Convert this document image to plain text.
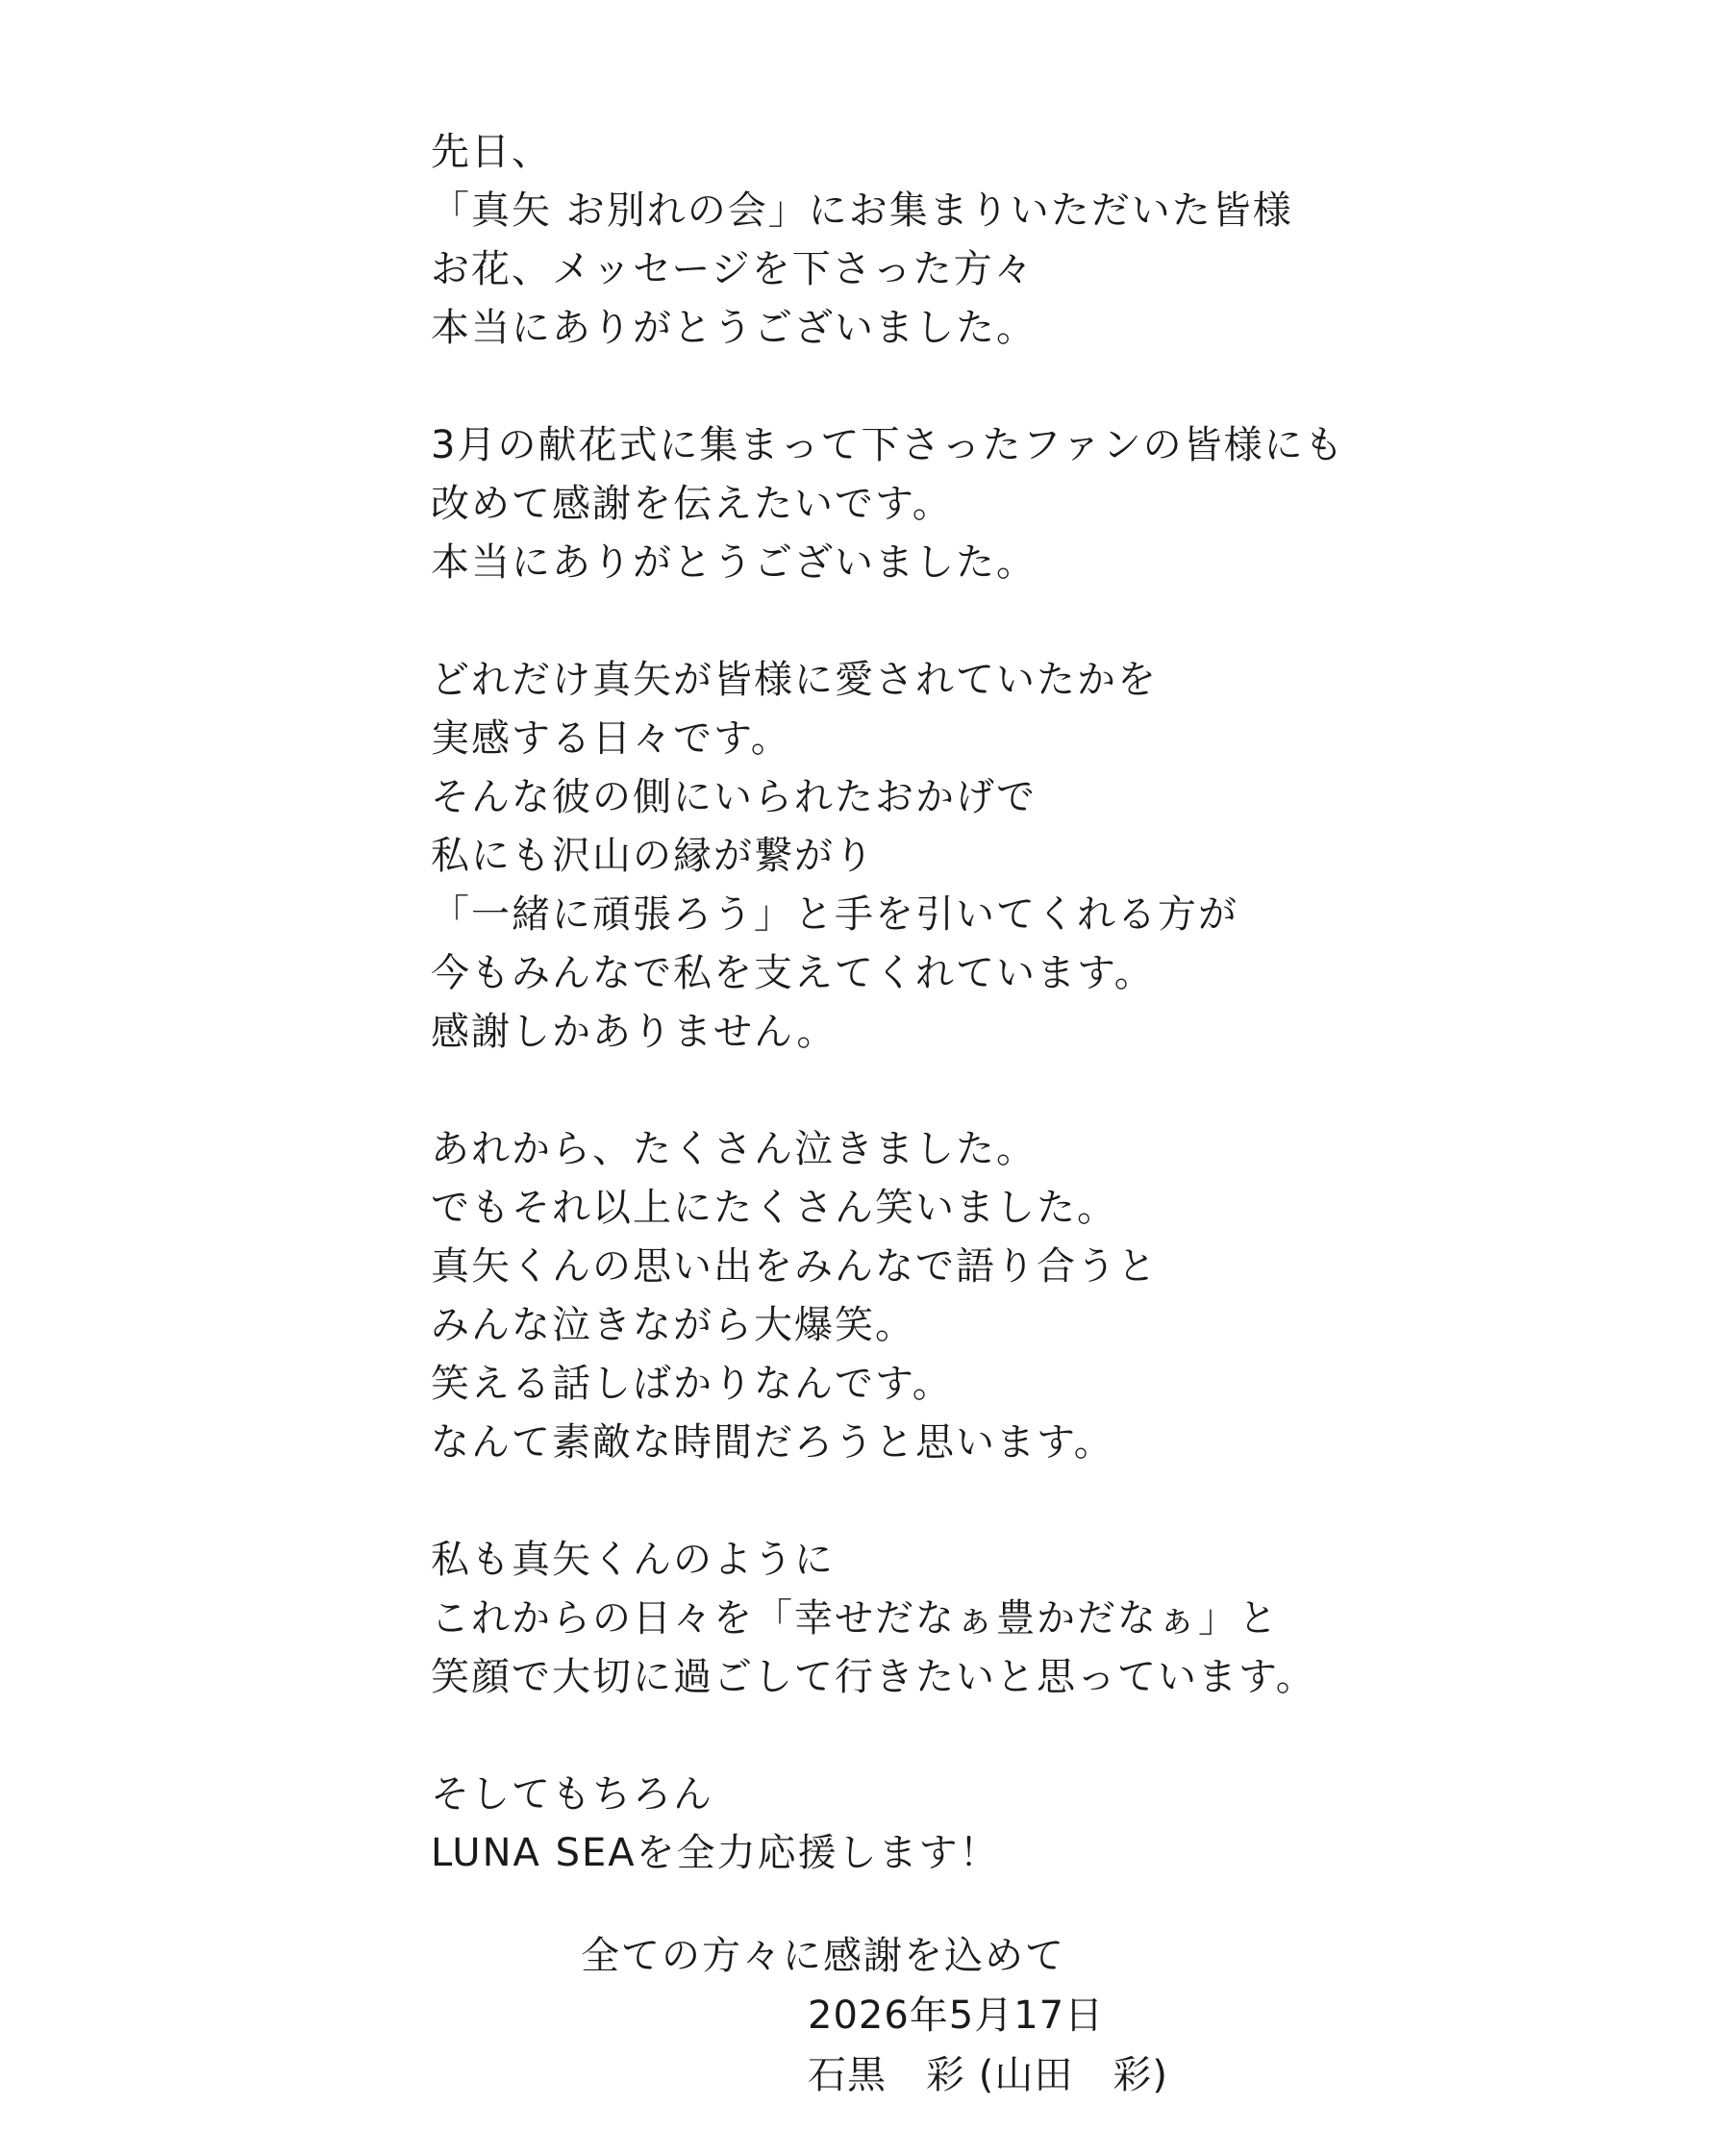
先日、
「真矢 お別れの会」にお集まりいただいた皆様
お花、メッセージを下さった方々
本当にありがとうございました。
3月の献花式に集まって下さったファンの皆様にも
改めて感謝を伝えたいです。
本当にありがとうございました。
どれだけ真矢が皆様に愛されていたかを
実感する日々です。
そんな彼の側にいられたおかげで
私にも沢山の縁が繋がり
「一緒に頑張ろう」と手を引いてくれる方が
今もみんなで私を支えてくれています。
感謝しかありません。
あれから、たくさん泣きました。
でもそれ以上にたくさん笑いました。
真矢くんの思い出をみんなで語り合うと
みんな泣きながら大爆笑。
笑える話しばかりなんです。
なんて素敵な時間だろうと思います。
私も真矢くんのように
これからの日々を「幸せだなぁ豊かだなぁ」と
笑顔で大切に過ごして行きたいと思っています。
そしてもちろん
LUNA SEAを全力応援します！
全ての方々に感謝を込めて
2026年5月17日
石黒　彩 (山田　彩)
